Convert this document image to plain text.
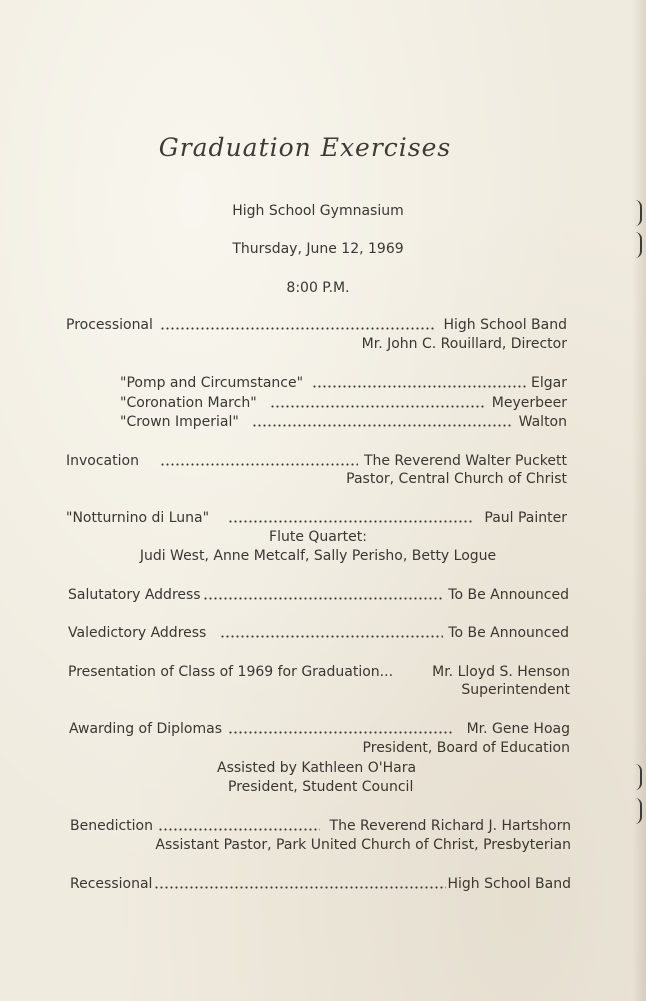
Graduation Exercises
High School Gymnasium
Thursday, June 12, 1969
8:00 P.M.
Processional	High School Band
Mr. John C. Rouillard, Director
"Pomp and Circumstance"	Elgar
"Coronation March"	Meyerbeer
"Crown Imperial"	Walton
Invocation	The Reverend Walter Puckett
Pastor, Central Church of Christ
"Notturnino di Luna"	Paul Painter
Flute Quartet:
Judi West, Anne Metcalf, Sally Perisho, Betty Logue
Salutatory Address	To Be Announced
Valedictory Address	To Be Announced
Presentation of Class of 1969 for Graduation...	Mr. Lloyd S. Henson
Superintendent
Awarding of Diplomas	Mr. Gene Hoag
President, Board of Education
Assisted by Kathleen O'Hara
President, Student Council
Benediction	The Reverend Richard J. Hartshorn
Assistant Pastor, Park United Church of Christ, Presbyterian
Recessional	High School Band
